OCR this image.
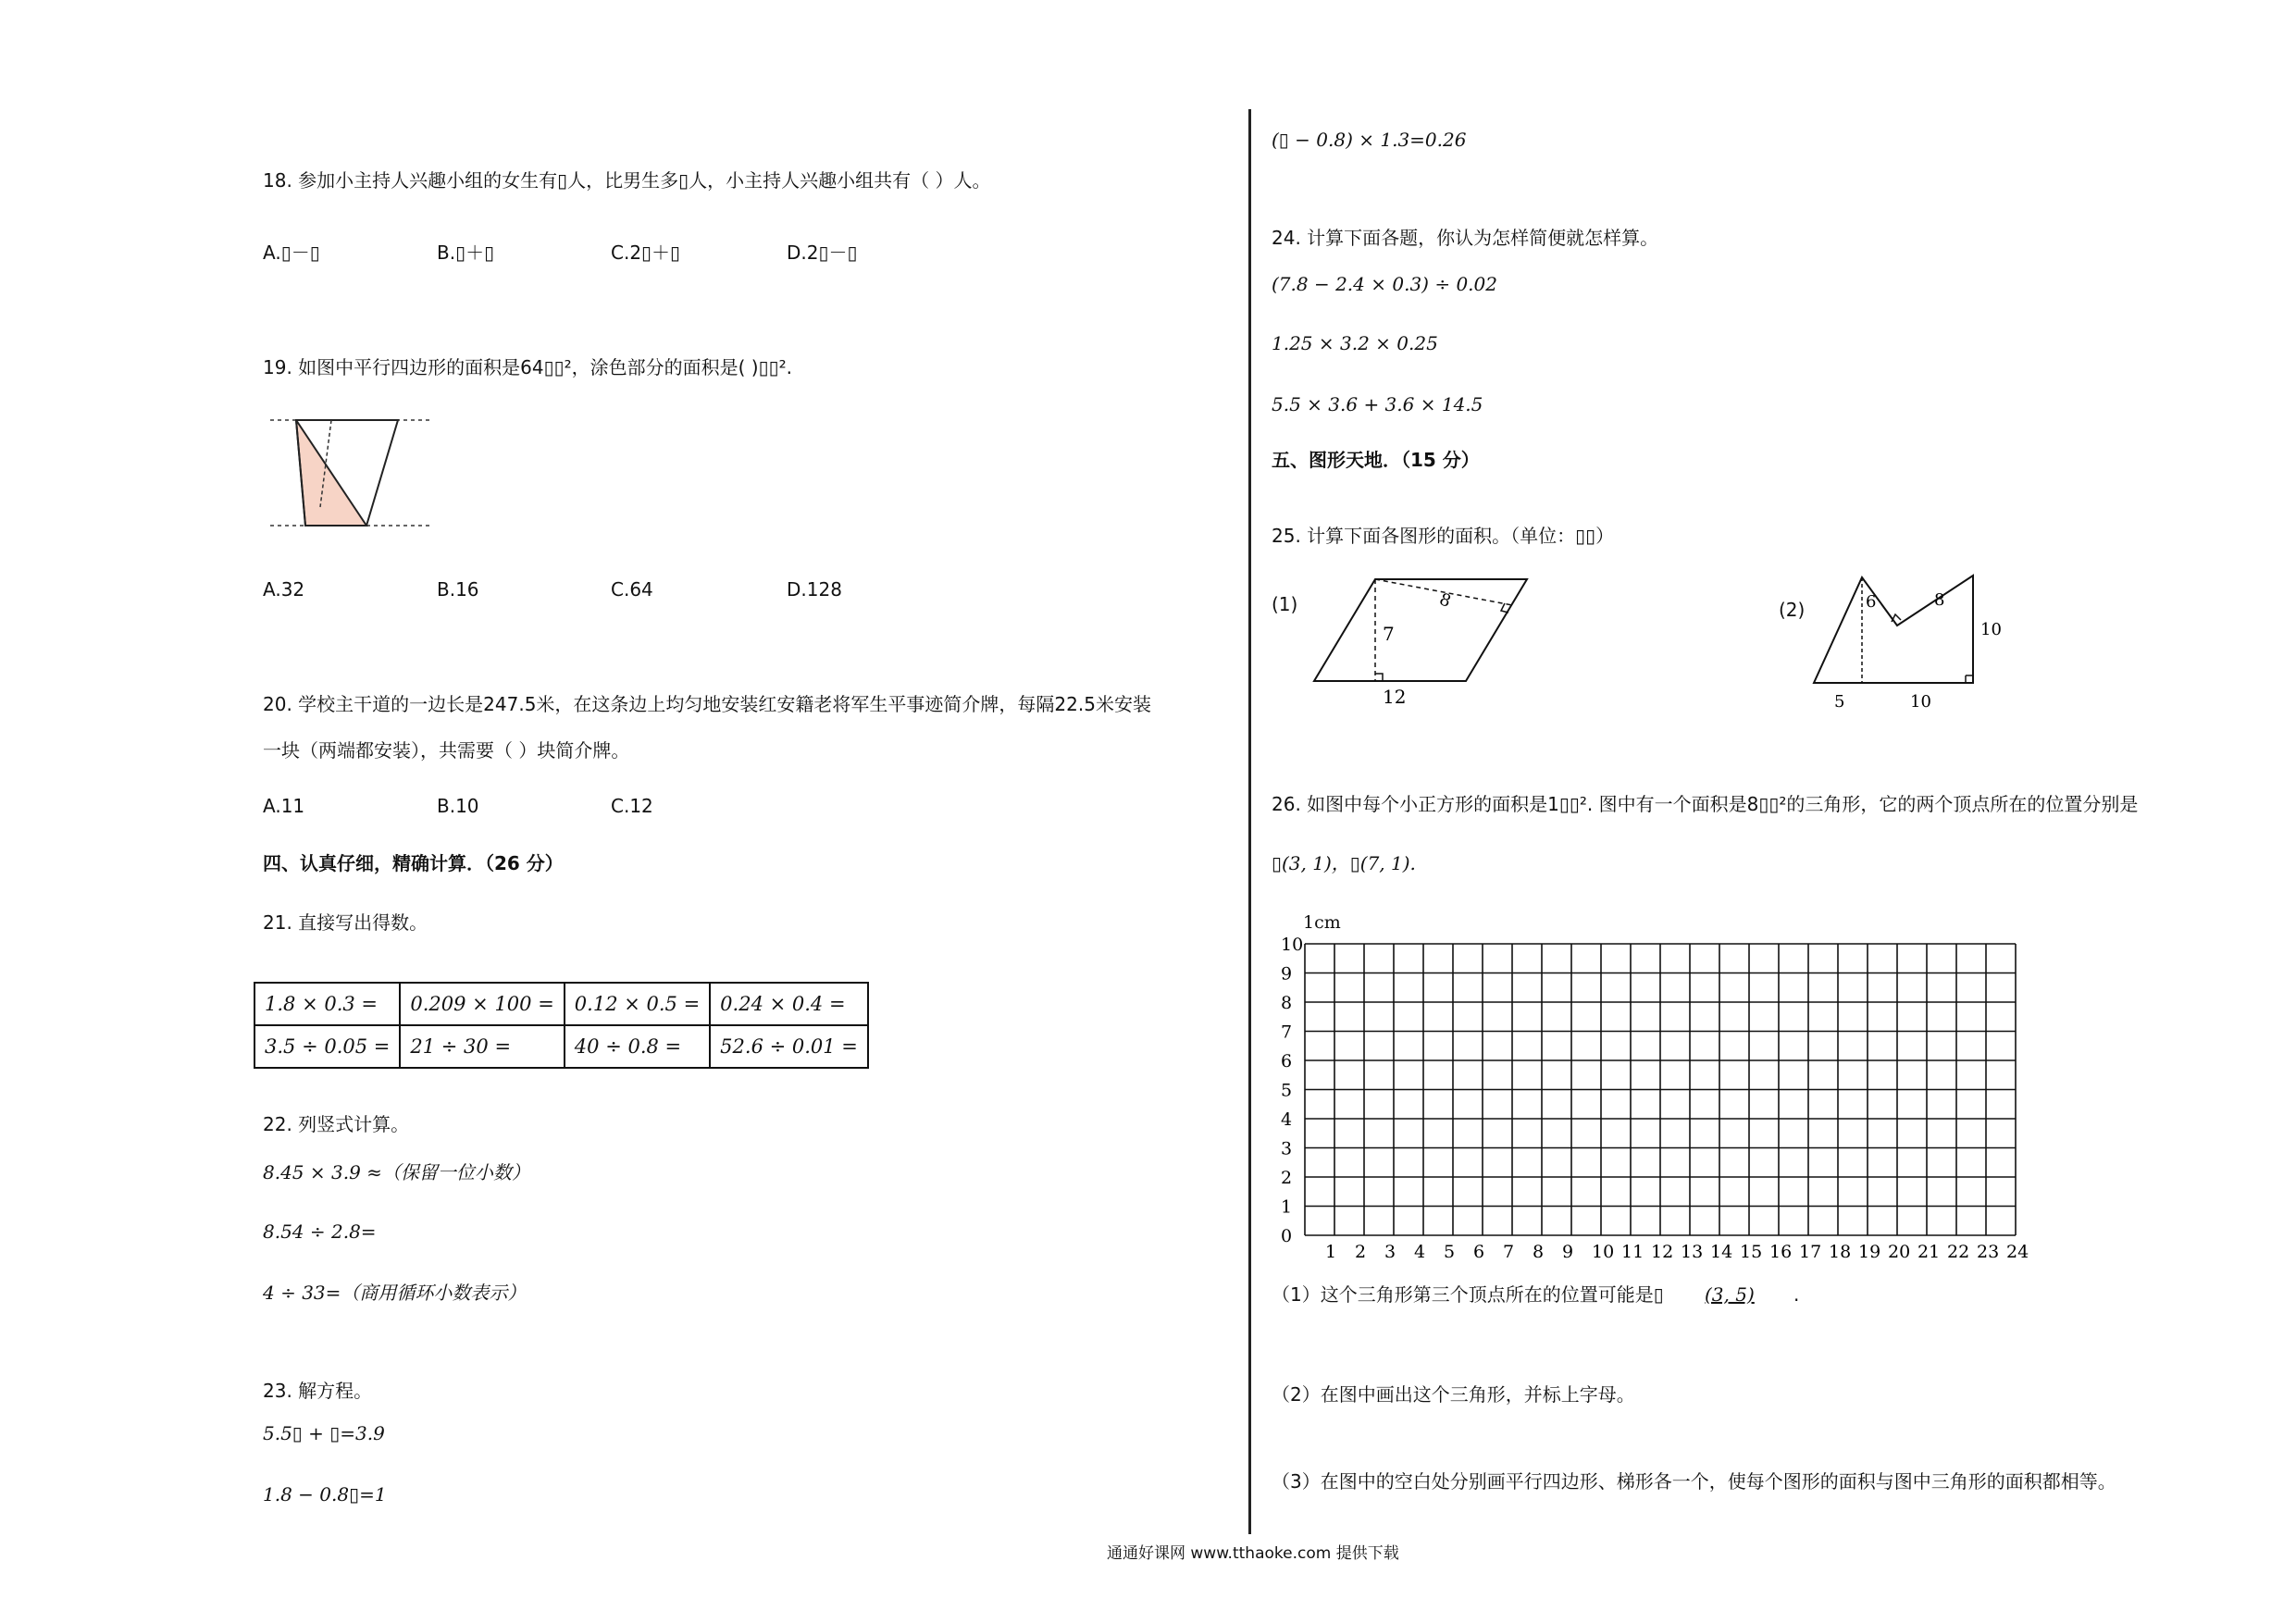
18. 参加小主持人兴趣小组的女生有▯人，比男生多▯人，小主持人兴趣小组共有（ ）人。
A.▯－▯	B.▯＋▯	C.2▯＋▯	D.2▯－▯
19. 如图中平行四边形的面积是64▯▯²，涂色部分的面积是( )▯▯².
A.32	B.16	C.64	D.128
20. 学校主干道的一边长是247.5米，在这条边上均匀地安装红安籍老将军生平事迹简介牌，每隔22.5米安装
一块（两端都安装），共需要（ ）块简介牌。
A.11	B.10	C.12
四、认真仔细，精确计算．（26 分）
21. 直接写出得数。
1.8 × 0.3 =	0.209 × 100 =	0.12 × 0.5 =	0.24 × 0.4 =
3.5 ÷ 0.05 =	21 ÷ 30 =	40 ÷ 0.8 =	52.6 ÷ 0.01 =
22. 列竖式计算。
8.45 × 3.9 ≈（保留一位小数）
8.54 ÷ 2.8=
4 ÷ 33=（商用循环小数表示）
23. 解方程。
5.5▯ + ▯=3.9
1.8 − 0.8▯=1
(▯ − 0.8) × 1.3=0.26
24. 计算下面各题，你认为怎样简便就怎样算。
(7.8 − 2.4 × 0.3) ÷ 0.02
1.25 × 3.2 × 0.25
5.5 × 3.6 + 3.6 × 14.5
五、图形天地．（15 分）
25. 计算下面各图形的面积。（单位：▯▯）
(1)
7
8
12
(2)	6	8
10
5	10
26. 如图中每个小正方形的面积是1▯▯². 图中有一个面积是8▯▯²的三角形，它的两个顶点所在的位置分别是
▯(3, 1)，▯(7, 1).
1cm
10
9
8
7
6
5
4
3
2
1
0
1 2 3 4 5 6 7 8 9 10 11 12 13 14 15 16 17 18 19 20 21 22 23 24
（1）这个三角形第三个顶点所在的位置可能是▯ (3, 5) .
（2）在图中画出这个三角形，并标上字母。
（3）在图中的空白处分别画平行四边形、梯形各一个，使每个图形的面积与图中三角形的面积都相等。
通通好课网 www.tthaoke.com 提供下载
